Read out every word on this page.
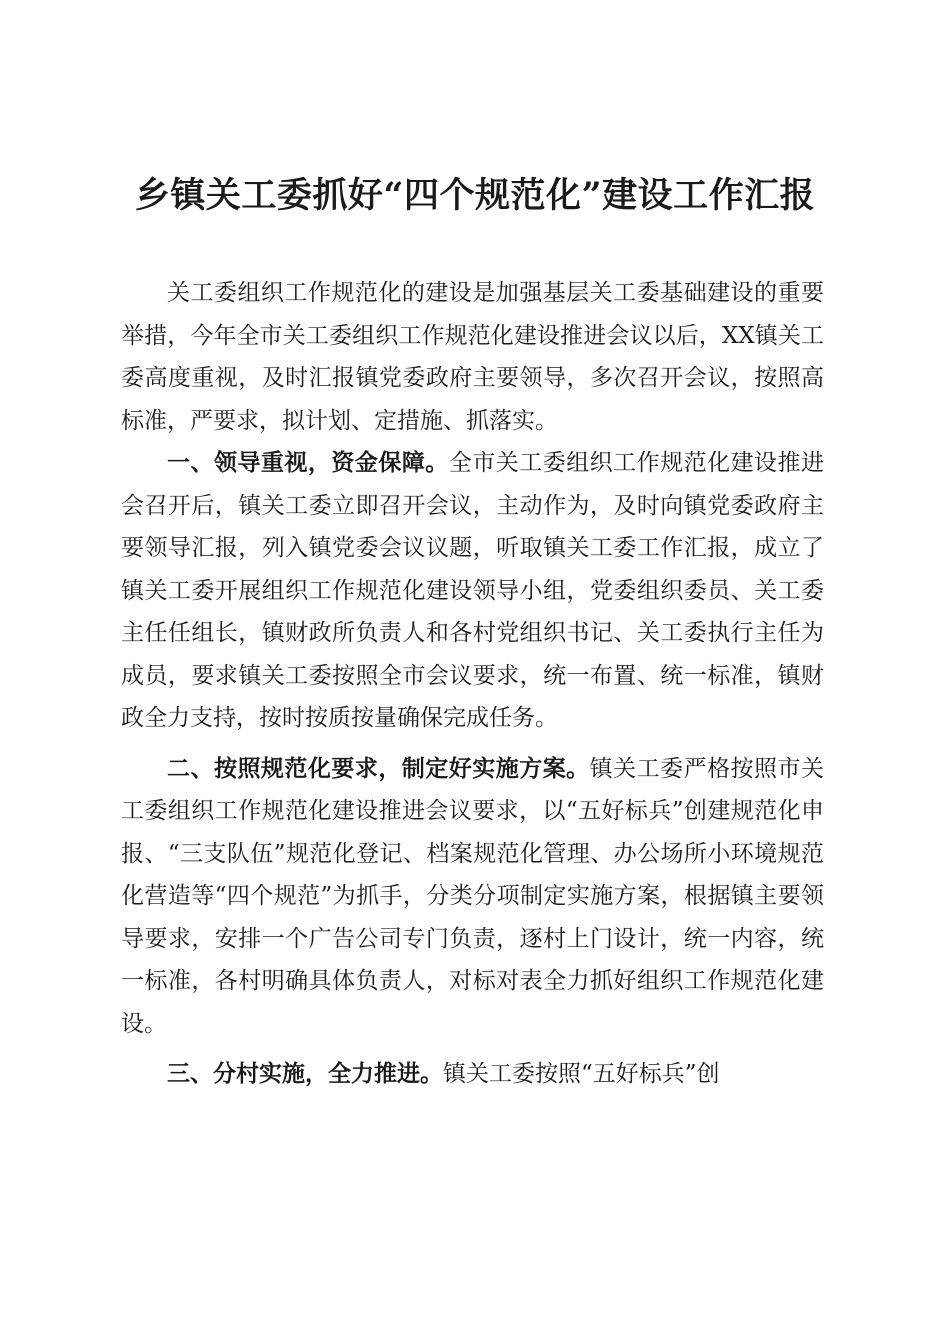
乡镇关工委抓好“四个规范化”建设工作汇报

关工委组织工作规范化的建设是加强基层关工委基础建设的重要举措，今年全市关工委组织工作规范化建设推进会议以后，XX镇关工委高度重视，及时汇报镇党委政府主要领导，多次召开会议，按照高标准，严要求，拟计划、定措施、抓落实。

一、领导重视，资金保障。全市关工委组织工作规范化建设推进会召开后，镇关工委立即召开会议，主动作为，及时向镇党委政府主要领导汇报，列入镇党委会议议题，听取镇关工委工作汇报，成立了镇关工委开展组织工作规范化建设领导小组，党委组织委员、关工委主任任组长，镇财政所负责人和各村党组织书记、关工委执行主任为成员，要求镇关工委按照全市会议要求，统一布置、统一标准，镇财政全力支持，按时按质按量确保完成任务。

二、按照规范化要求，制定好实施方案。镇关工委严格按照市关工委组织工作规范化建设推进会议要求，以“五好标兵”创建规范化申报、“三支队伍”规范化登记、档案规范化管理、办公场所小环境规范化营造等“四个规范”为抓手，分类分项制定实施方案，根据镇主要领导要求，安排一个广告公司专门负责，逐村上门设计，统一内容，统一标准，各村明确具体负责人，对标对表全力抓好组织工作规范化建设。

三、分村实施，全力推进。镇关工委按照“五好标兵”创
